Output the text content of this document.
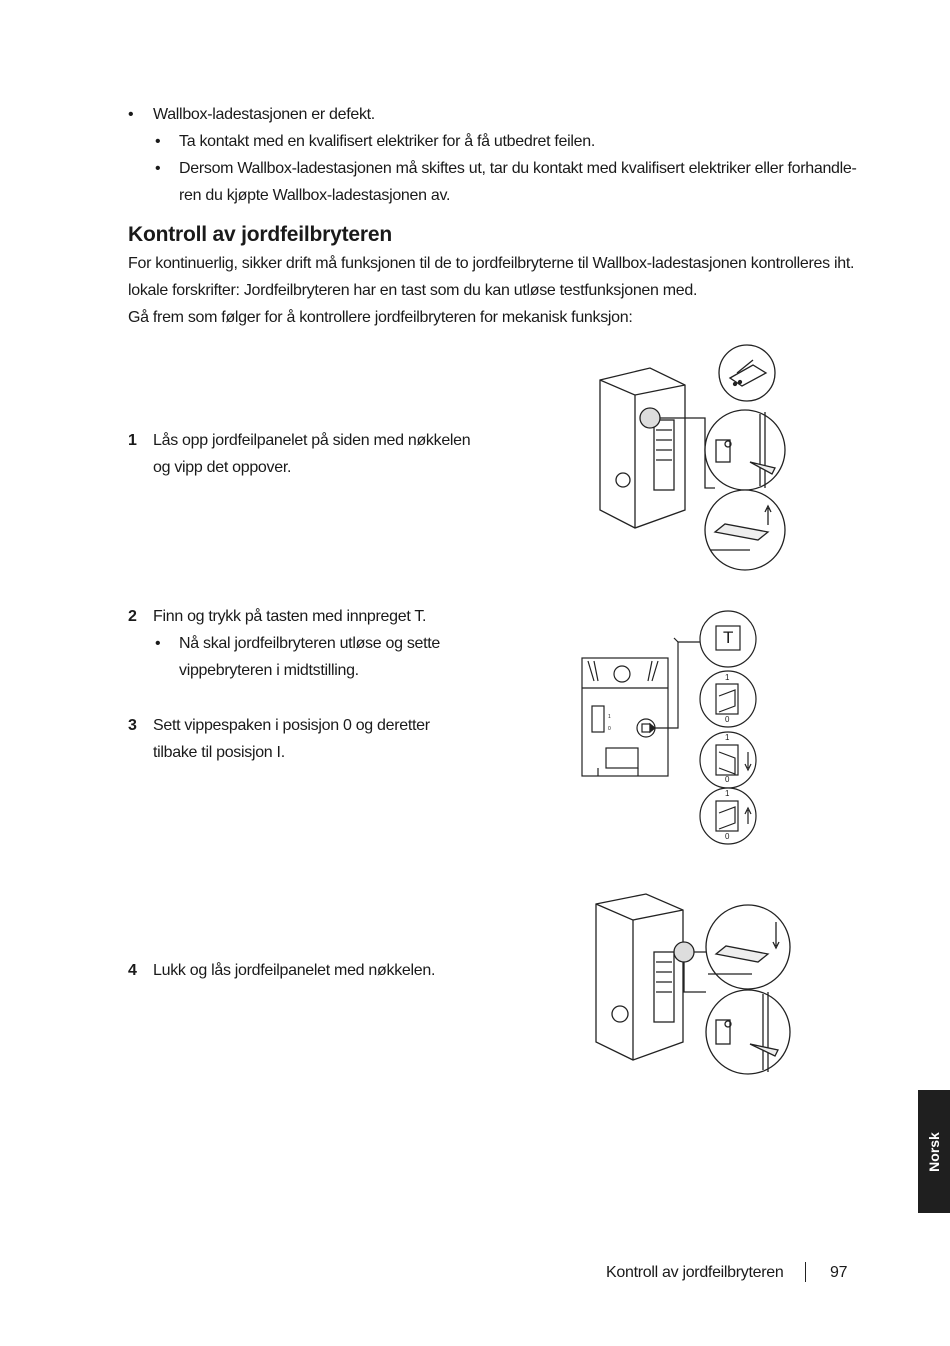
• Wallbox-ladestasjonen er defekt.
• Ta kontakt med en kvalifisert elektriker for å få utbedret feilen.
• Dersom Wallbox-ladestasjonen må skiftes ut, tar du kontakt med kvalifisert elektriker eller forhandle-
ren du kjøpte Wallbox-ladestasjonen av.
Kontroll av jordfeilbryteren
For kontinuerlig, sikker drift må funksjonen til de to jordfeilbryterne til Wallbox-ladestasjonen kontrolleres iht.
lokale forskrifter: Jordfeilbryteren har en tast som du kan utløse testfunksjonen med.
Gå frem som følger for å kontrollere jordfeilbryteren for mekanisk funksjon:
1 Lås opp jordfeilpanelet på siden med nøkkelen
og vipp det oppover.
2 Finn og trykk på tasten med innpreget T.
• Nå skal jordfeilbryteren utløse og sette
vippebryteren i midtstilling.
3 Sett vippespaken i posisjon 0 og deretter
tilbake til posisjon I.
4 Lukk og lås jordfeilpanelet med nøkkelen.
1
0
T
1
0
1
0
1
0
Norsk
Kontroll av jordfeilbryteren	97
